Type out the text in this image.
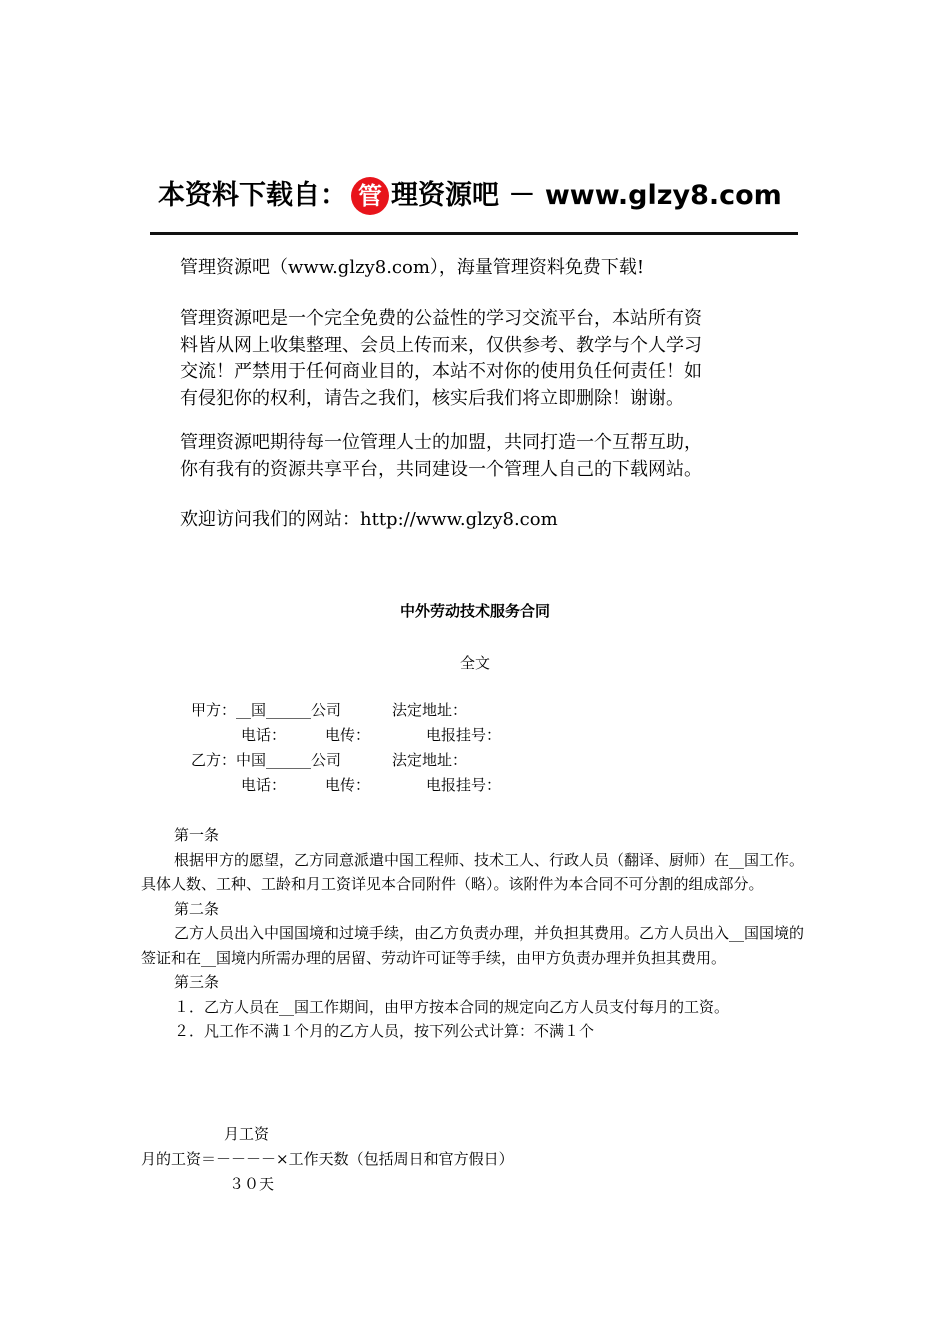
本资料下载自： 管 理资源吧 － www.glzy8.com
管理资源吧（www.glzy8.com），海量管理资料免费下载!
管理资源吧是一个完全免费的公益性的学习交流平台，本站所有资
料皆从网上收集整理、会员上传而来，仅供参考、教学与个人学习
交流！严禁用于任何商业目的，本站不对你的使用负任何责任！如
有侵犯你的权利，请告之我们，核实后我们将立即删除！谢谢。
管理资源吧期待每一位管理人士的加盟，共同打造一个互帮互助，
你有我有的资源共享平台，共同建设一个管理人自己的下载网站。
欢迎访问我们的网站：http://www.glzy8.com
中外劳动技术服务合同
全文
甲方：__国______公司	法定地址：
电话：	电传：	电报挂号：
乙方：中国______公司	法定地址：
电话：	电传：	电报挂号：

第一条

根据甲方的愿望，乙方同意派遣中国工程师、技术工人、行政人员（翻译、厨师）在__国工作。具体人数、工种、工龄和月工资详见本合同附件（略）。该附件为本合同不可分割的组成部分。

第二条

乙方人员出入中国国境和过境手续，由乙方负责办理，并负担其费用。乙方人员出入__国国境的签证和在__国境内所需办理的居留、劳动许可证等手续，由甲方负责办理并负担其费用。

第三条

１．乙方人员在__国工作期间，由甲方按本合同的规定向乙方人员支付每月的工资。

２．凡工作不满１个月的乙方人员，按下列公式计算：不满１个

月工资
月的工资＝－－－－×工作天数（包括周日和官方假日）
３０天
